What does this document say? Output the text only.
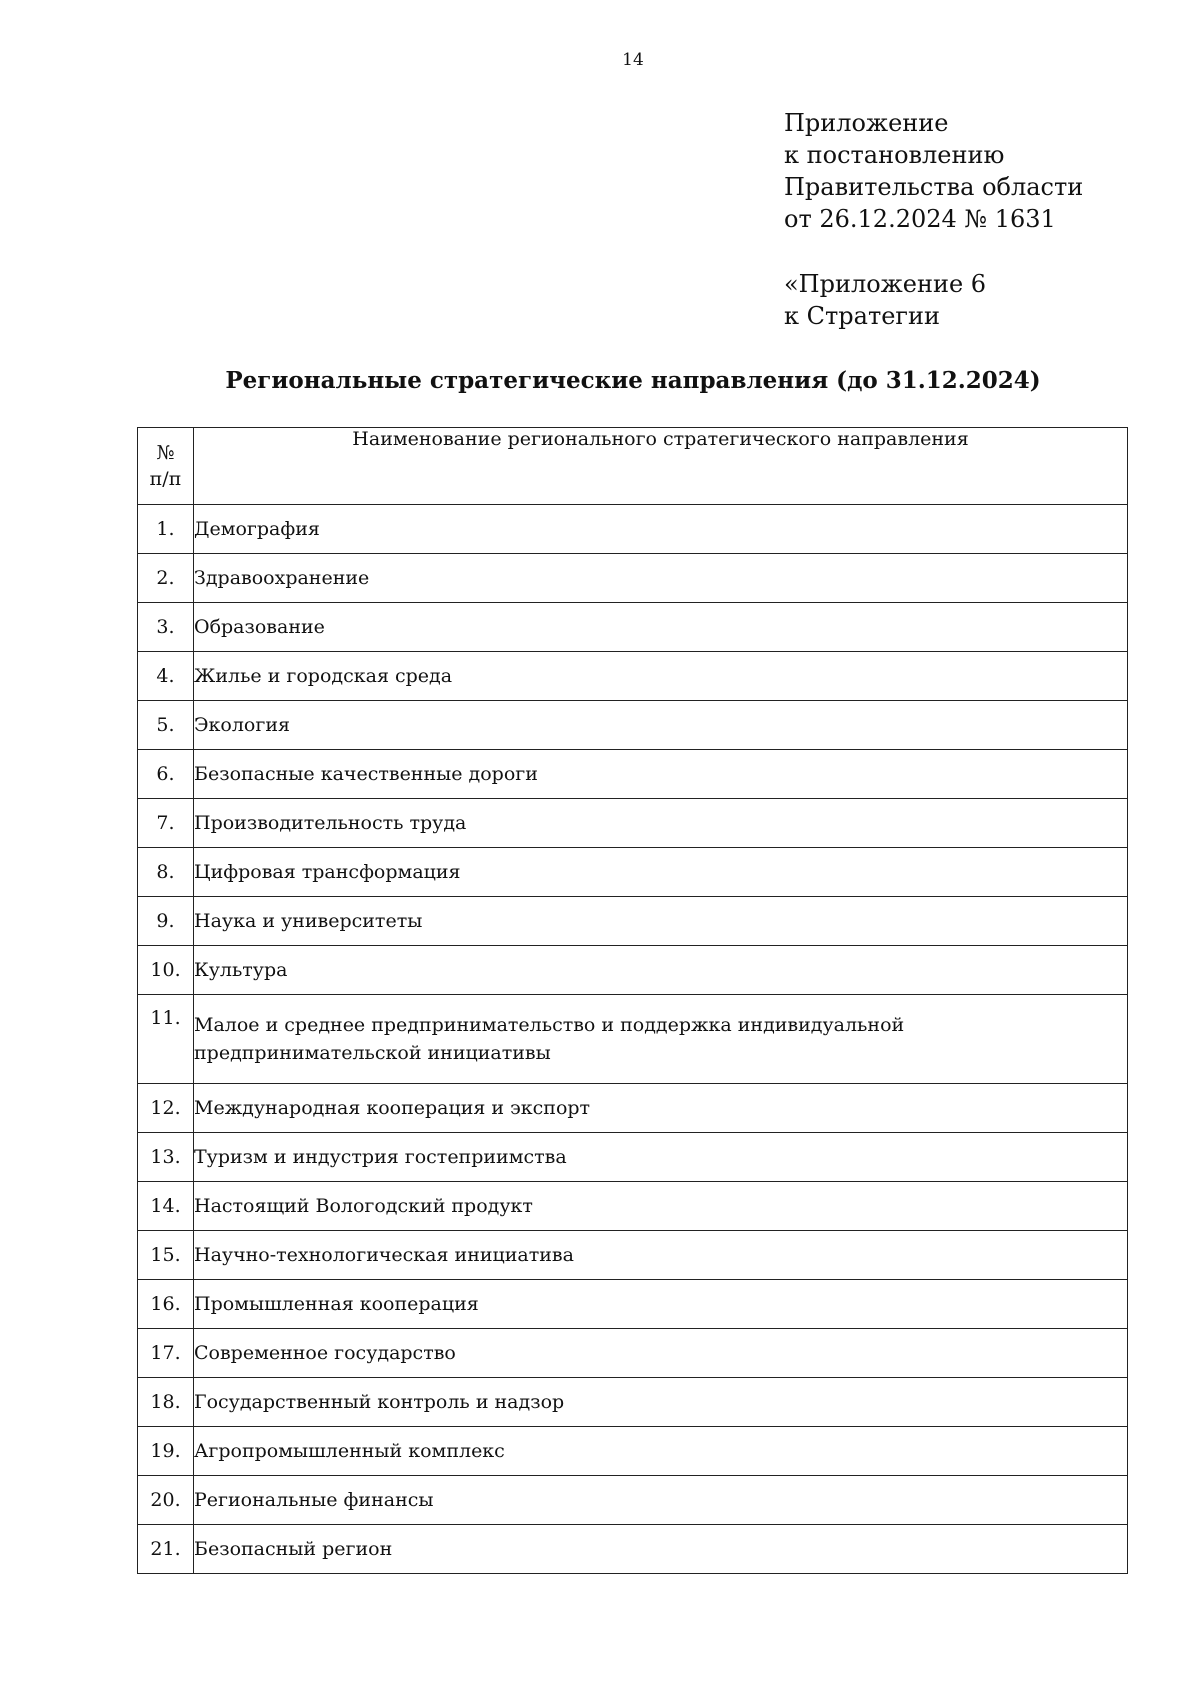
14
Приложение
к постановлению
Правительства области
от 26.12.2024 № 1631
«Приложение 6
к Стратегии
Региональные стратегические направления (до 31.12.2024)
№
п/п	Наименование регионального стратегического направления
1.	Демография
2.	Здравоохранение
3.	Образование
4.	Жилье и городская среда
5.	Экология
6.	Безопасные качественные дороги
7.	Производительность труда
8.	Цифровая трансформация
9.	Наука и университеты
10.	Культура
11.	Малое и среднее предпринимательство и поддержка индивидуальной предпринимательской инициативы
12.	Международная кооперация и экспорт
13.	Туризм и индустрия гостеприимства
14.	Настоящий Вологодский продукт
15.	Научно-технологическая инициатива
16.	Промышленная кооперация
17.	Современное государство
18.	Государственный контроль и надзор
19.	Агропромышленный комплекс
20.	Региональные финансы
21.	Безопасный регион
